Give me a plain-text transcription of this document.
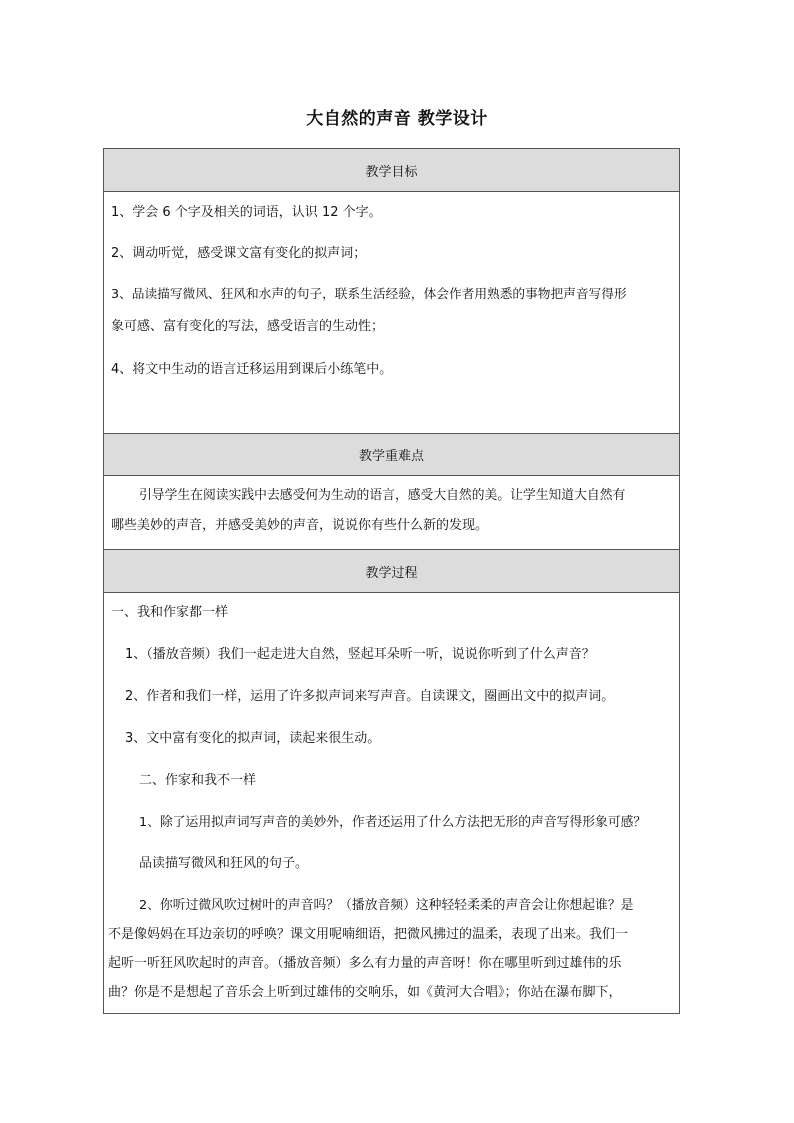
大自然的声音 教学设计
教学目标
1、学会 6 个字及相关的词语，认识 12 个字。
2、调动听觉，感受课文富有变化的拟声词；
3、品读描写微风、狂风和水声的句子，联系生活经验，体会作者用熟悉的事物把声音写得形
象可感、富有变化的写法，感受语言的生动性；
4、将文中生动的语言迁移运用到课后小练笔中。
教学重难点
引导学生在阅读实践中去感受何为生动的语言，感受大自然的美。让学生知道大自然有
哪些美妙的声音，并感受美妙的声音，说说你有些什么新的发现。
教学过程
一、我和作家都一样
1、（播放音频）我们一起走进大自然，竖起耳朵听一听，说说你听到了什么声音？
2、作者和我们一样，运用了许多拟声词来写声音。自读课文，圈画出文中的拟声词。
3、文中富有变化的拟声词，读起来很生动。
二、作家和我不一样
1、除了运用拟声词写声音的美妙外，作者还运用了什么方法把无形的声音写得形象可感？
品读描写微风和狂风的句子。
2、你听过微风吹过树叶的声音吗？（播放音频）这种轻轻柔柔的声音会让你想起谁？是
不是像妈妈在耳边亲切的呼唤？课文用呢喃细语，把微风拂过的温柔，表现了出来。我们一
起听一听狂风吹起时的声音。（播放音频）多么有力量的声音呀！你在哪里听到过雄伟的乐
曲？你是不是想起了音乐会上听到过雄伟的交响乐，如《黄河大合唱》；你站在瀑布脚下，
